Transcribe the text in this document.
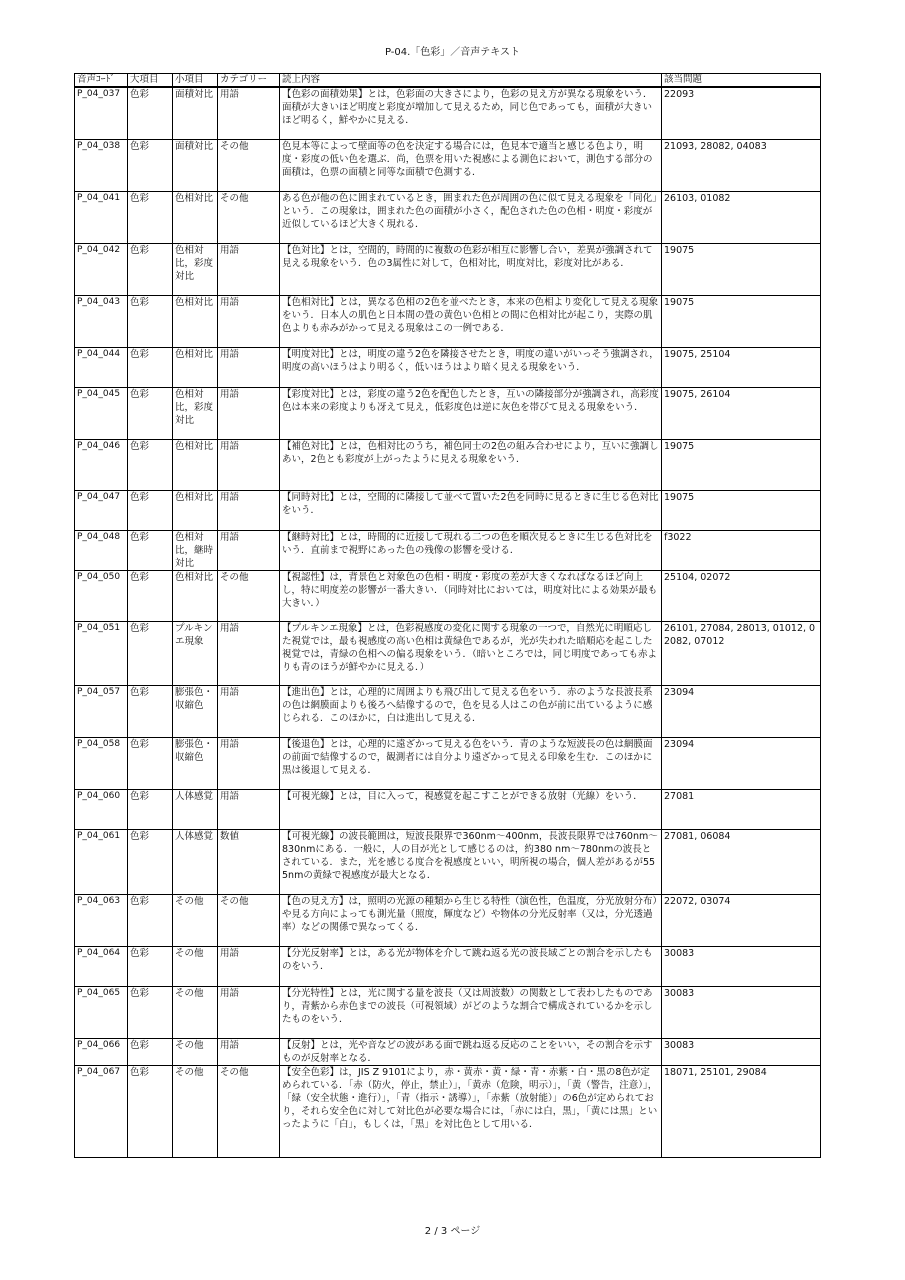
P-04.「色彩」／音声テキスト
音声ｺｰﾄﾞ	大項目	小項目	カテゴリー	読上内容	該当問題
P_04_037	色彩	面積対比	用語	【色彩の面積効果】とは，色彩面の大きさにより，色彩の見え方が異なる現象をいう．面積が大きいほど明度と彩度が増加して見えるため，同じ色であっても，面積が大きいほど明るく，鮮やかに見える．	22093
P_04_038	色彩	面積対比	その他	色見本等によって壁面等の色を決定する場合には，色見本で適当と感じる色より，明度・彩度の低い色を選ぶ．尚，色票を用いた視感による測色において，測色する部分の面積は，色票の面積と同等な面積で色測する．	21093, 28082, 04083
P_04_041	色彩	色相対比	その他	ある色が他の色に囲まれているとき，囲まれた色が周囲の色に似て見える現象を「同化」という．この現象は，囲まれた色の面積が小さく，配色された色の色相・明度・彩度が近似しているほど大きく現れる．	26103, 01082
P_04_042	色彩	色相対比，彩度対比	用語	【色対比】とは，空間的，時間的に複数の色彩が相互に影響し合い，差異が強調されて見える現象をいう．色の3属性に対して，色相対比，明度対比，彩度対比がある．	19075
P_04_043	色彩	色相対比	用語	【色相対比】とは，異なる色相の2色を並べたとき，本来の色相より変化して見える現象をいう．日本人の肌色と日本間の畳の黄色い色相との間に色相対比が起こり，実際の肌色よりも赤みがかって見える現象はこの一例である．	19075
P_04_044	色彩	色相対比	用語	【明度対比】とは，明度の違う2色を隣接させたとき，明度の違いがいっそう強調され，明度の高いほうはより明るく，低いほうはより暗く見える現象をいう．	19075, 25104
P_04_045	色彩	色相対比，彩度対比	用語	【彩度対比】とは，彩度の違う2色を配色したとき，互いの隣接部分が強調され，高彩度色は本来の彩度よりも冴えて見え，低彩度色は逆に灰色を帯びて見える現象をいう．	19075, 26104
P_04_046	色彩	色相対比	用語	【補色対比】とは，色相対比のうち，補色同士の2色の組み合わせにより，互いに強調しあい，2色とも彩度が上がったように見える現象をいう．	19075
P_04_047	色彩	色相対比	用語	【同時対比】とは，空間的に隣接して並べて置いた2色を同時に見るときに生じる色対比をいう．	19075
P_04_048	色彩	色相対比，継時対比	用語	【継時対比】とは，時間的に近接して現れる二つの色を順次見るときに生じる色対比をいう．直前まで視野にあった色の残像の影響を受ける．	f3022
P_04_050	色彩	色相対比	その他	【視認性】は，背景色と対象色の色相・明度・彩度の差が大きくなればなるほど向上し，特に明度差の影響が一番大きい．（同時対比においては，明度対比による効果が最も大きい．）	25104, 02072
P_04_051	色彩	プルキンエ現象	用語	【プルキンエ現象】とは，色彩視感度の変化に関する現象の一つで，自然光に明順応した視覚では，最も視感度の高い色相は黄緑色であるが，光が失われた暗順応を起こした視覚では，青緑の色相への偏る現象をいう．（暗いところでは，同じ明度であっても赤よりも青のほうが鮮やかに見える．）	26101, 27084, 28013, 01012, 02082, 07012
P_04_057	色彩	膨張色・収縮色	用語	【進出色】とは，心理的に周囲よりも飛び出して見える色をいう．赤のような長波長系の色は網膜面よりも後ろへ結像するので，色を見る人はこの色が前に出ているように感じられる．このほかに，白は進出して見える．	23094
P_04_058	色彩	膨張色・収縮色	用語	【後退色】とは，心理的に遠ざかって見える色をいう．青のような短波長の色は網膜面の前面で結像するので，観測者には自分より遠ざかって見える印象を生む．このほかに黒は後退して見える．	23094
P_04_060	色彩	人体感覚	用語	【可視光線】とは，目に入って，視感覚を起こすことができる放射（光線）をいう．	27081
P_04_061	色彩	人体感覚	数値	【可視光線】の波長範囲は，短波長限界で360nm～400nm，長波長限界では760nm～830nmにある．一般に，人の目が光として感じるのは，約380 nm～780nmの波長とされている．また，光を感じる度合を視感度といい，明所視の場合，個人差があるが555nmの黄緑で視感度が最大となる．	27081, 06084
P_04_063	色彩	その他	その他	【色の見え方】は，照明の光源の種類から生じる特性（演色性，色温度，分光放射分布）や見る方向によっても測光量（照度，輝度など）や物体の分光反射率（又は，分光透過率）などの関係で異なってくる．	22072, 03074
P_04_064	色彩	その他	用語	【分光反射率】とは，ある光が物体を介して跳ね返る光の波長域ごとの割合を示したものをいう．	30083
P_04_065	色彩	その他	用語	【分光特性】とは，光に関する量を波長（又は周波数）の関数として表わしたものであり，青紫から赤色までの波長（可視領域）がどのような割合で構成されているかを示したものをいう．	30083
P_04_066	色彩	その他	用語	【反射】とは，光や音などの波がある面で跳ね返る反応のことをいい，その割合を示すものが反射率となる．	30083
P_04_067	色彩	その他	その他	【安全色彩】は，JIS Z 9101により，赤・黄赤・黄・緑・青・赤紫・白・黒の8色が定められている．「赤（防火，停止，禁止）」，「黄赤（危険，明示）」，「黄（警告，注意）」，「緑（安全状態・進行）」，「青（指示・誘導）」，「赤紫（放射能）」の6色が定められており，それら安全色に対して対比色が必要な場合には，「赤には白，黒」，「黄には黒」といったように「白」，もしくは，「黒」を対比色として用いる．	18071, 25101, 29084
2 / 3 ページ
